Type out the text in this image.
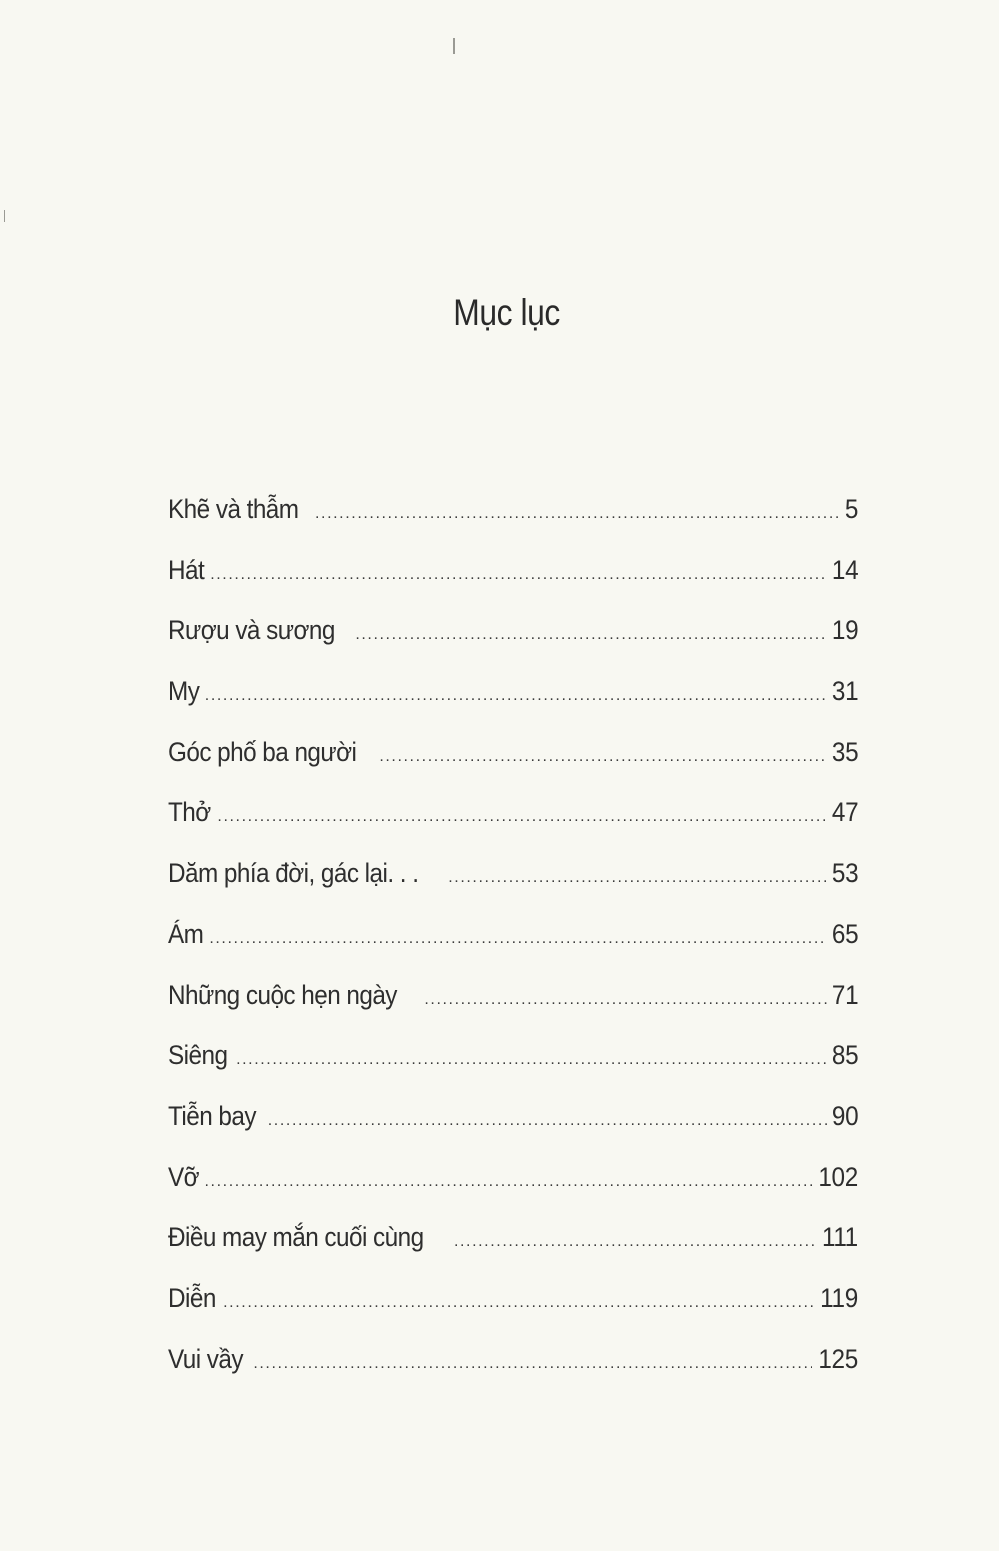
Mục lục
Khẽ và thẫm .....	5
Hát .....	14
Rượu và sương .....	19
My .....	31
Góc phố ba người .....	35
Thở .....	47
Dăm phía đời, gác lại. . . .....	53
Ám .....	65
Những cuộc hẹn ngày .....	71
Siêng .....	85
Tiễn bay .....	90
Vỡ .....	102
Điều may mắn cuối cùng .....	111
Diễn .....	119
Vui vầy .....	125
